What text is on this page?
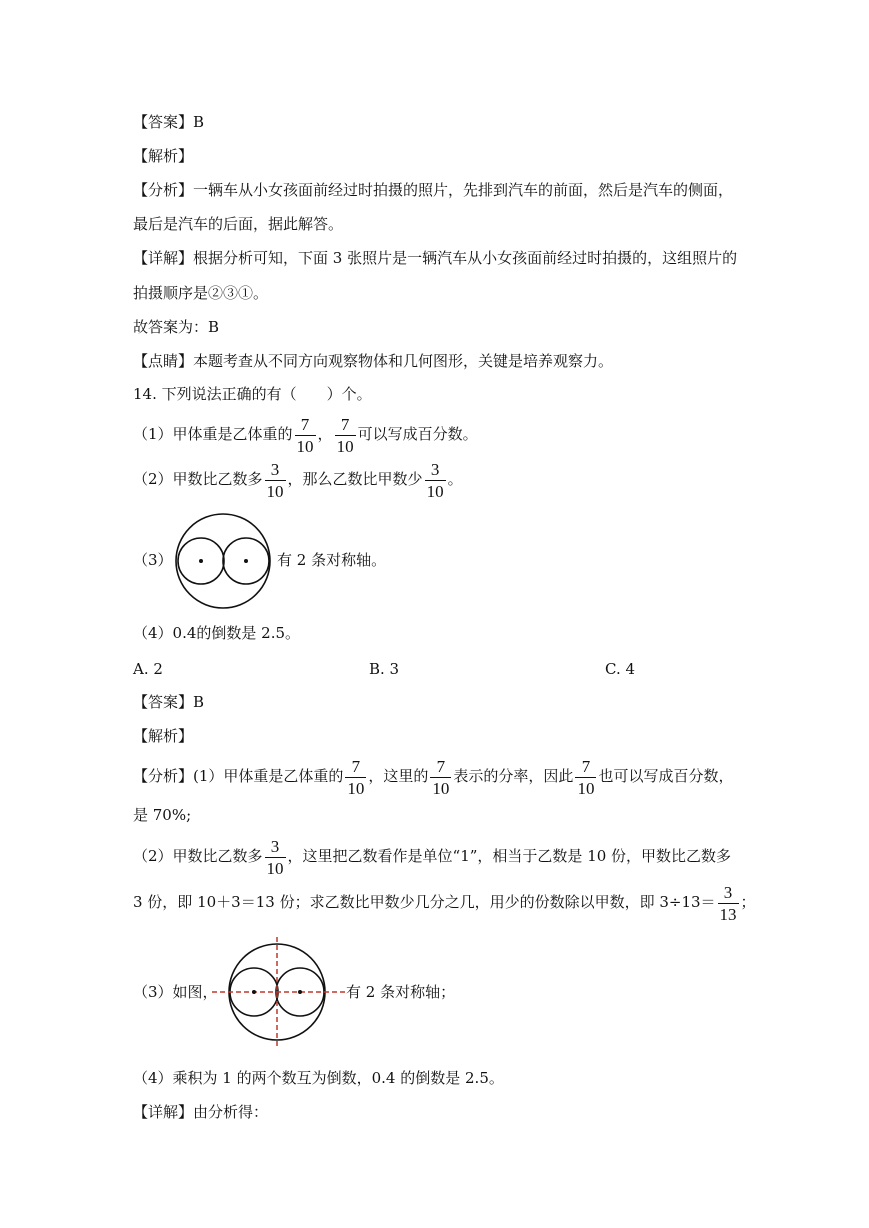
【答案】B
【解析】
【分析】一辆车从小女孩面前经过时拍摄的照片，先排到汽车的前面，然后是汽车的侧面，
最后是汽车的后面，据此解答。
【详解】根据分析可知，下面 3 张照片是一辆汽车从小女孩面前经过时拍摄的，这组照片的
拍摄顺序是②③①。
故答案为：B
【点睛】本题考查从不同方向观察物体和几何图形，关键是培养观察力。
14. 下列说法正确的有（　　）个。
（1）甲体重是乙体重的 $\frac{7}{10}$ ， $\frac{7}{10}$ 可以写成百分数。
（2）甲数比乙数多 $\frac{3}{10}$ ，那么乙数比甲数少 $\frac{3}{10}$ 。
（3）	有 2 条对称轴。
（4）0.4的倒数是 2.5。
A. 2	B. 3	C. 4
【答案】B
【解析】
【分析】(1）甲体重是乙体重的 $\frac{7}{10}$ ，这里的 $\frac{7}{10}$ 表示的分率，因此 $\frac{7}{10}$ 也可以写成百分数，
是 70%;
（2）甲数比乙数多 $\frac{3}{10}$ ，这里把乙数看作是单位“1”，相当于乙数是 10 份，甲数比乙数多
3 份，即 10＋3＝13 份；求乙数比甲数少几分之几，用少的份数除以甲数，即 $3\div 13= \frac{3}{13}$ ；
（3）如图，	有 2 条对称轴；
（4）乘积为 1 的两个数互为倒数，0.4 的倒数是 2.5。
【详解】由分析得：
